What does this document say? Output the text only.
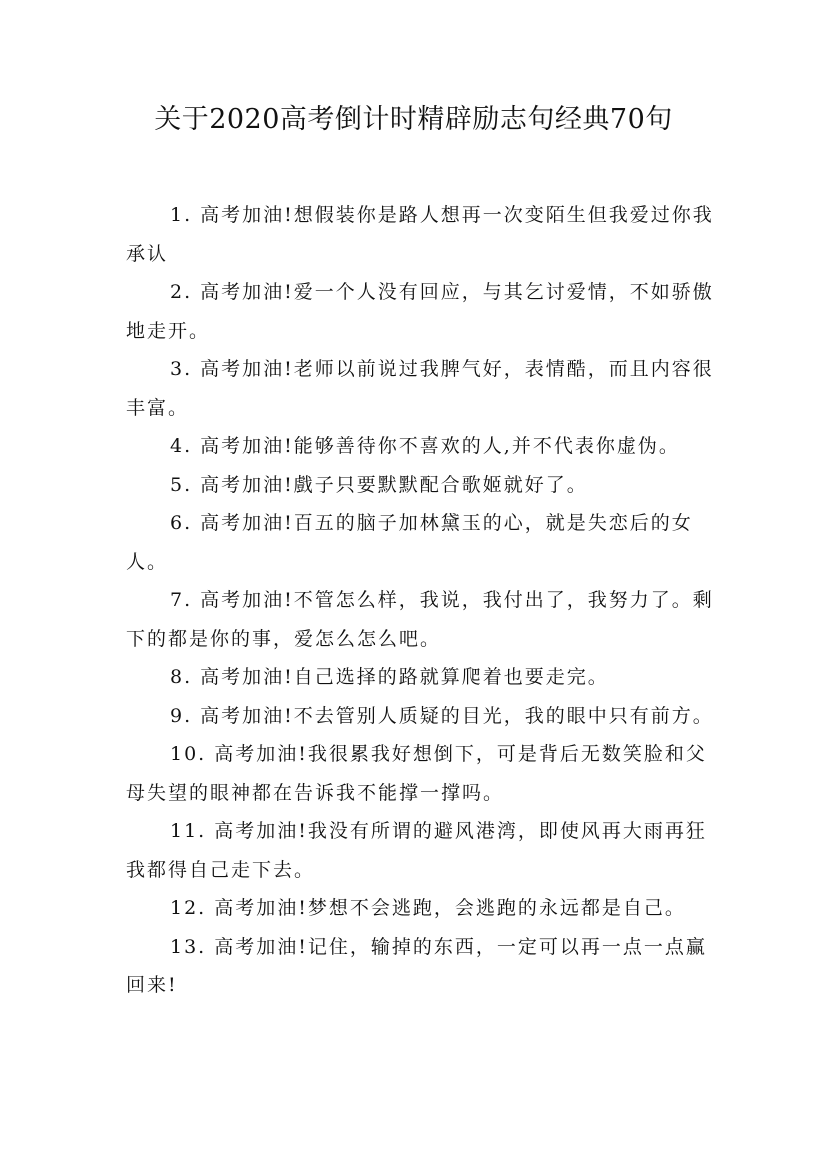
关于2020高考倒计时精辟励志句经典70句
1. 高考加油!想假装你是路人想再一次变陌生但我爱过你我承认
2. 高考加油!爱一个人没有回应，与其乞讨爱情，不如骄傲地走开。
3. 高考加油!老师以前说过我脾气好，表情酷，而且内容很丰富。
4. 高考加油!能够善待你不喜欢的人,并不代表你虚伪。
5. 高考加油!戲子只要默默配合歌姬就好了。
6. 高考加油!百五的脑子加林黛玉的心，就是失恋后的女人。
7. 高考加油!不管怎么样，我说，我付出了，我努力了。剩下的都是你的事，爱怎么怎么吧。
8. 高考加油!自己选择的路就算爬着也要走完。
9. 高考加油!不去管别人质疑的目光，我的眼中只有前方。
10. 高考加油!我很累我好想倒下，可是背后无数笑脸和父母失望的眼神都在告诉我不能撑一撑吗。
11. 高考加油!我没有所谓的避风港湾，即使风再大雨再狂我都得自己走下去。
12. 高考加油!梦想不会逃跑，会逃跑的永远都是自己。
13. 高考加油!记住，输掉的东西，一定可以再一点一点赢回来!
